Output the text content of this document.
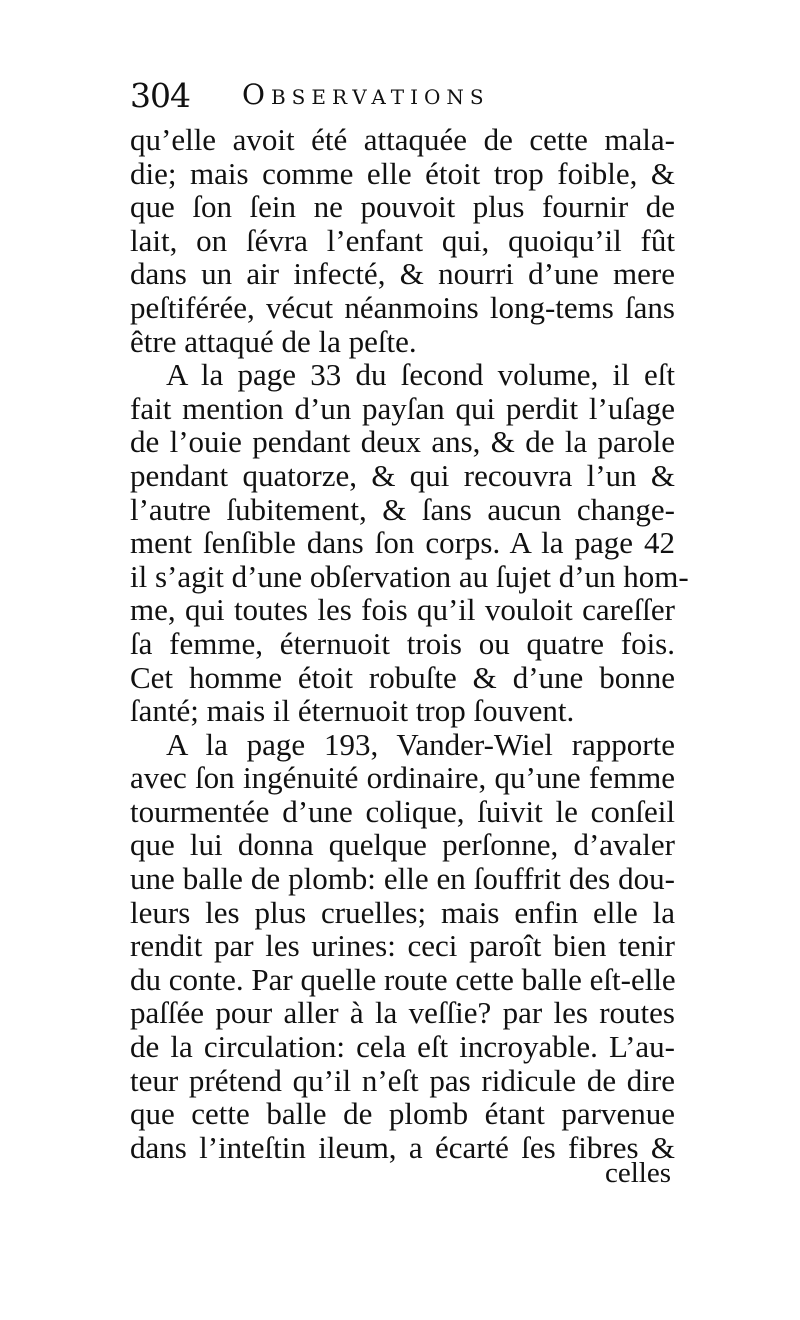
304 Observations
qu’elle avoit été attaquée de cette mala-
die; mais comme elle étoit trop foible, &
que ſon ſein ne pouvoit plus fournir de
lait, on ſévra l’enfant qui, quoiqu’il fût
dans un air infecté, & nourri d’une mere
peſtiférée, vécut néanmoins long-tems ſans
être attaqué de la peſte.
A la page 33 du ſecond volume, il eſt
fait mention d’un payſan qui perdit l’uſage
de l’ouie pendant deux ans, & de la parole
pendant quatorze, & qui recouvra l’un &
l’autre ſubitement, & ſans aucun change-
ment ſenſible dans ſon corps. A la page 42
il s’agit d’une obſervation au ſujet d’un hom-
me, qui toutes les fois qu’il vouloit careſſer
ſa femme, éternuoit trois ou quatre fois.
Cet homme étoit robuſte & d’une bonne
ſanté; mais il éternuoit trop ſouvent.
A la page 193, Vander-Wiel rapporte
avec ſon ingénuité ordinaire, qu’une femme
tourmentée d’une colique, ſuivit le conſeil
que lui donna quelque perſonne, d’avaler
une balle de plomb: elle en ſouffrit des dou-
leurs les plus cruelles; mais enfin elle la
rendit par les urines: ceci paroît bien tenir
du conte. Par quelle route cette balle eſt-elle
paſſée pour aller à la veſſie? par les routes
de la circulation: cela eſt incroyable. L’au-
teur prétend qu’il n’eſt pas ridicule de dire
que cette balle de plomb étant parvenue
dans l’inteſtin ileum, a écarté ſes fibres &
celles
